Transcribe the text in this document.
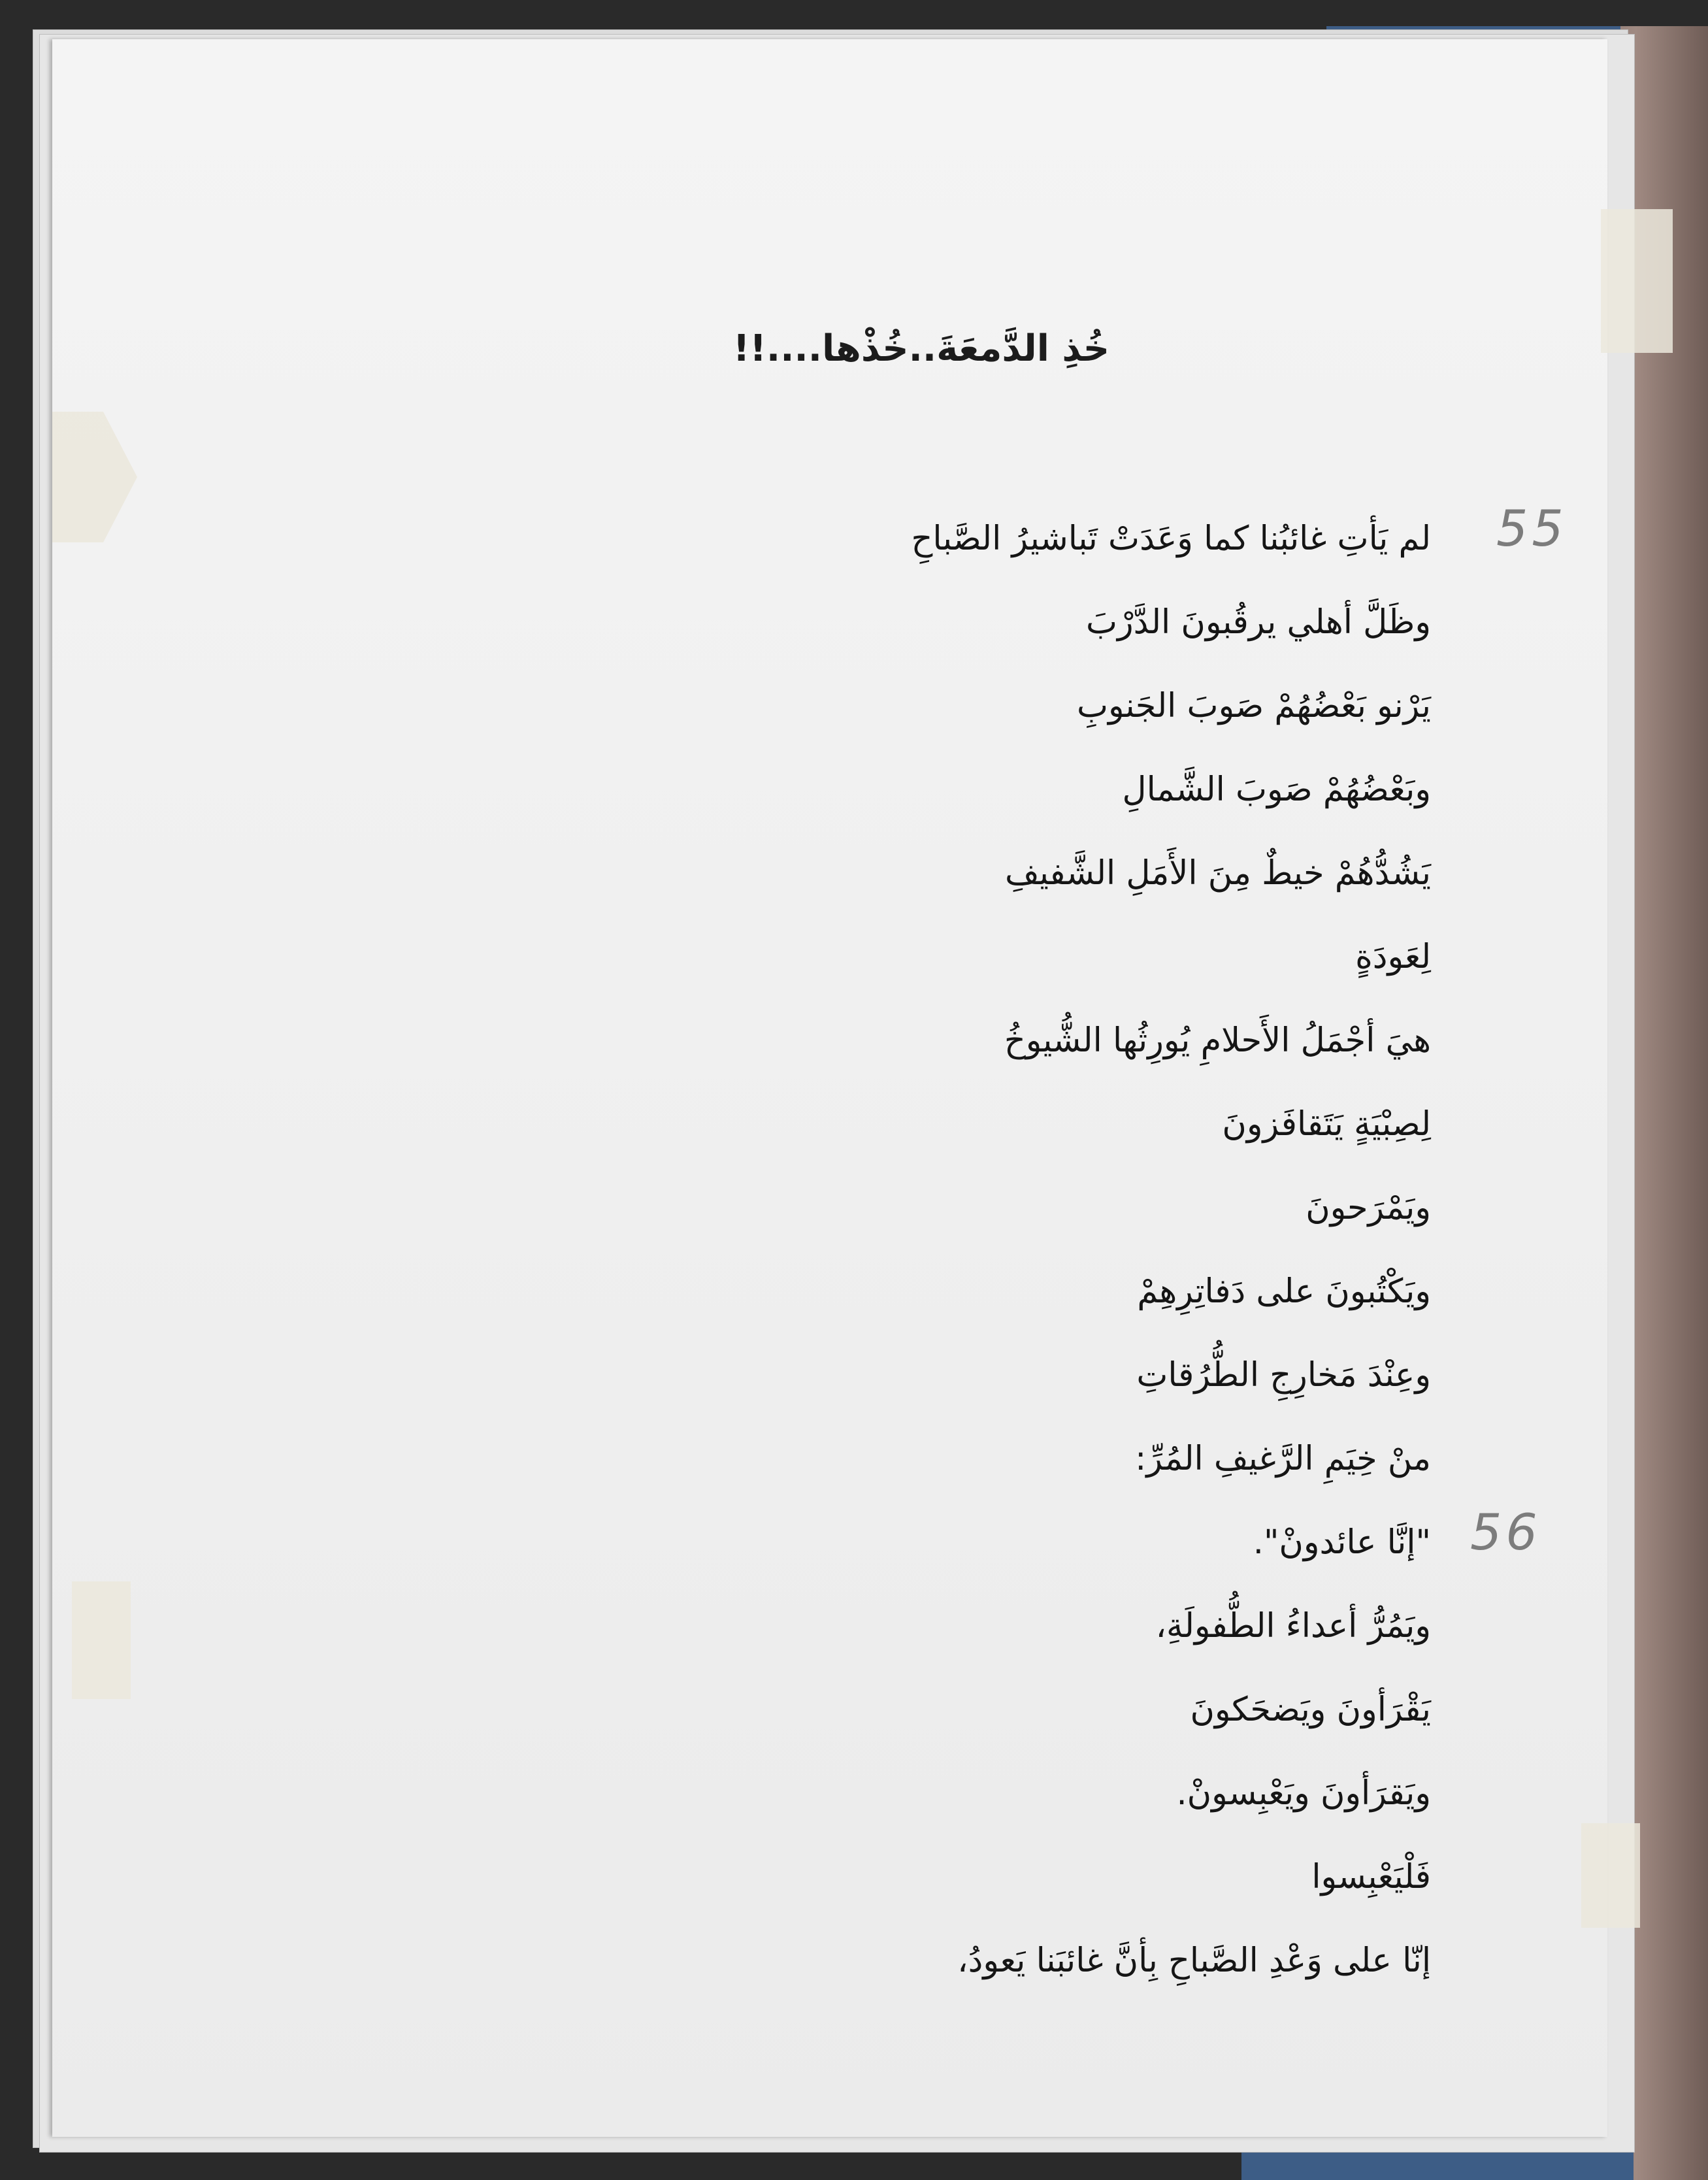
خُذِ الدَّمعَةَ..خُذْها....!!
لم يَأتِ غائبُنا كما وَعَدَتْ تَباشيرُ الصَّباحِ
وظَلَّ أهلي يرقُبونَ الدَّرْبَ
يَرْنو بَعْضُهُمْ صَوبَ الجَنوبِ
وبَعْضُهُمْ صَوبَ الشَّمالِ
يَشُدُّهُمْ خيطٌ مِنَ الأَمَلِ الشَّفيفِ
لِعَودَةٍ
هيَ أجْمَلُ الأَحلامِ يُورِثُها الشُّيوخُ
لِصِبْيَةٍ يَتَقافَزونَ
ويَمْرَحونَ
ويَكْتُبونَ على دَفاتِرِهِمْ
وعِنْدَ مَخارِجِ الطُّرُقاتِ
منْ خِيَمِ الرَّغيفِ المُرِّ:
"إنَّا عائدونْ".
ويَمُرُّ أعداءُ الطُّفولَةِ،
يَقْرَأونَ ويَضحَكونَ
ويَقرَأونَ ويَعْبِسونْ.
فَلْيَعْبِسوا
إنّا على وَعْدِ الصَّباحِ بِأنَّ غائبَنا يَعودُ،
55
56
